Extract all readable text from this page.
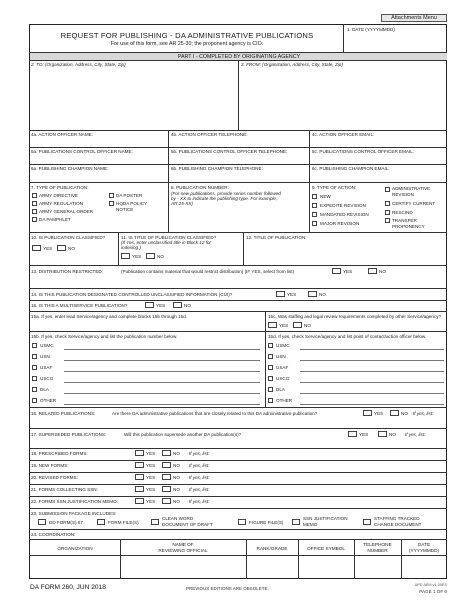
Attachments Menu
REQUEST FOR PUBLISHING - DA ADMINISTRATIVE PUBLICATIONS
For use of this form, see AR 25-30; the proponent agency is CIO.
1. DATE (YYYYMMDD)
PART I - COMPLETED BY ORIGINATING AGENCY
2. TO: (Organization, Address, City, State, Zip)	3. FROM: (Organization, Address, City, State, Zip)
4a. ACTION OFFICER NAME:	4b. ACTION OFFICER TELEPHONE:	4c. ACTION OFFICER EMAIL:
5a. PUBLICATIONS CONTROL OFFICER NAME:	5b. PUBLICATIONS CONTROL OFFICER TELEPHONE:	5c. PUBLICATIONS CONTROL OFFICER EMAIL:
6a. PUBLISHING CHAMPION NAME:	6b. PUBLISHING CHAMPION TELEPHONE:	6c. PUBLISHING CHAMPION EMAIL:
7. TYPE OF PUBLICATION:
ARMY DIRECTIVE
ARMY REGULATION
ARMY GENERAL ORDER
DA PAMPHLET
DA POSTER
HQDA POLICY
NOTICE
8. PUBLICATION NUMBER:
(For new publications, provide series number followed
by - XX to indicate the publishing type. For example,
AR 25-XX)
9. TYPE OF ACTION:
NEW
EXPEDITE REVISION
MANDATED REVISION
MAJOR REVISION
ADMINISTRATIVE
REVISION
CERTIFY CURRENT
RESCIND
TRANSFER
PROPONENCY
10. IS PUBLICATION CLASSIFIED?
YES	NO
11. IS TITLE OF PUBLICATION CLASSIFIED?
(If Yes, enter unclassified title in Block 12 for
indexing.)
YES	NO
12. TITLE OF PUBLICATION:
13. DISTRIBUTION RESTRICTED:	(Publication contains material that would restrict distribution) (IF YES, select from list)	YES	NO
14. IS THIS PUBLICATION DESIGNATED CONTROLLED UNCLASSIFIED INFORMATION (CUI)?	YES	NO
15. IS THIS A MULTISERVICE PUBLICATION?	YES	NO
15a. If yes, enter lead Service/agency and complete blocks 15b through 15d.	15c. Was staffing and legal review requirements completed by other Service/agency?
YES	NO
15b. If yes, check Service/agency and list the publication number below.	15d. If yes, check Service/agency and list point of contact/action officer below.
USMC
USN
USAF
USCG
DLA
OTHER
USMC
USN
USAF
USCG
DLA
OTHER
16. RELATED PUBLICATIONS:	Are there DA administrative publications that are closely related to this DA administrative publication?	YES	NO If yes, list:
17. SUPERSEDED PUBLICATIONS:	Will this publication supersede another DA publication(s)?	YES	NO If yes, list:
18. PRESCRIBED FORMS:	YES	NO If yes, list:
19. NEW FORMS:	YES	NO If yes, list:
20. REVISED FORMS:	YES	NO If yes, list:
21. FORMS COLLECTING SSN:	YES	NO If yes, list:
22. FORMS SSN JUSTIFICATION MEMO:	YES	NO If yes, list:
23. SUBMISSION PACKAGE INCLUDES:
DD FORM(S) 67	FORM FILE(S)
CLEAN WORD
DOCUMENT OF DRAFT	FIGURE FILE(S)
SSN JUSTIFICATION
MEMO
STAFFING TRACKED
CHANGE DOCUMENT
24. COORDINATION:
ORGANIZATION
NAME OF
REVIEWING OFFICIAL	RANK/GRADE	OFFICE SYMBOL
TELEPHONE
NUMBER
DATE
(YYYYMMDD)
DA FORM 260, JUN 2018	PREVIOUS EDITIONS ARE OBSOLETE.
APD AEM v1.00ES
PAGE 1 OF 6
